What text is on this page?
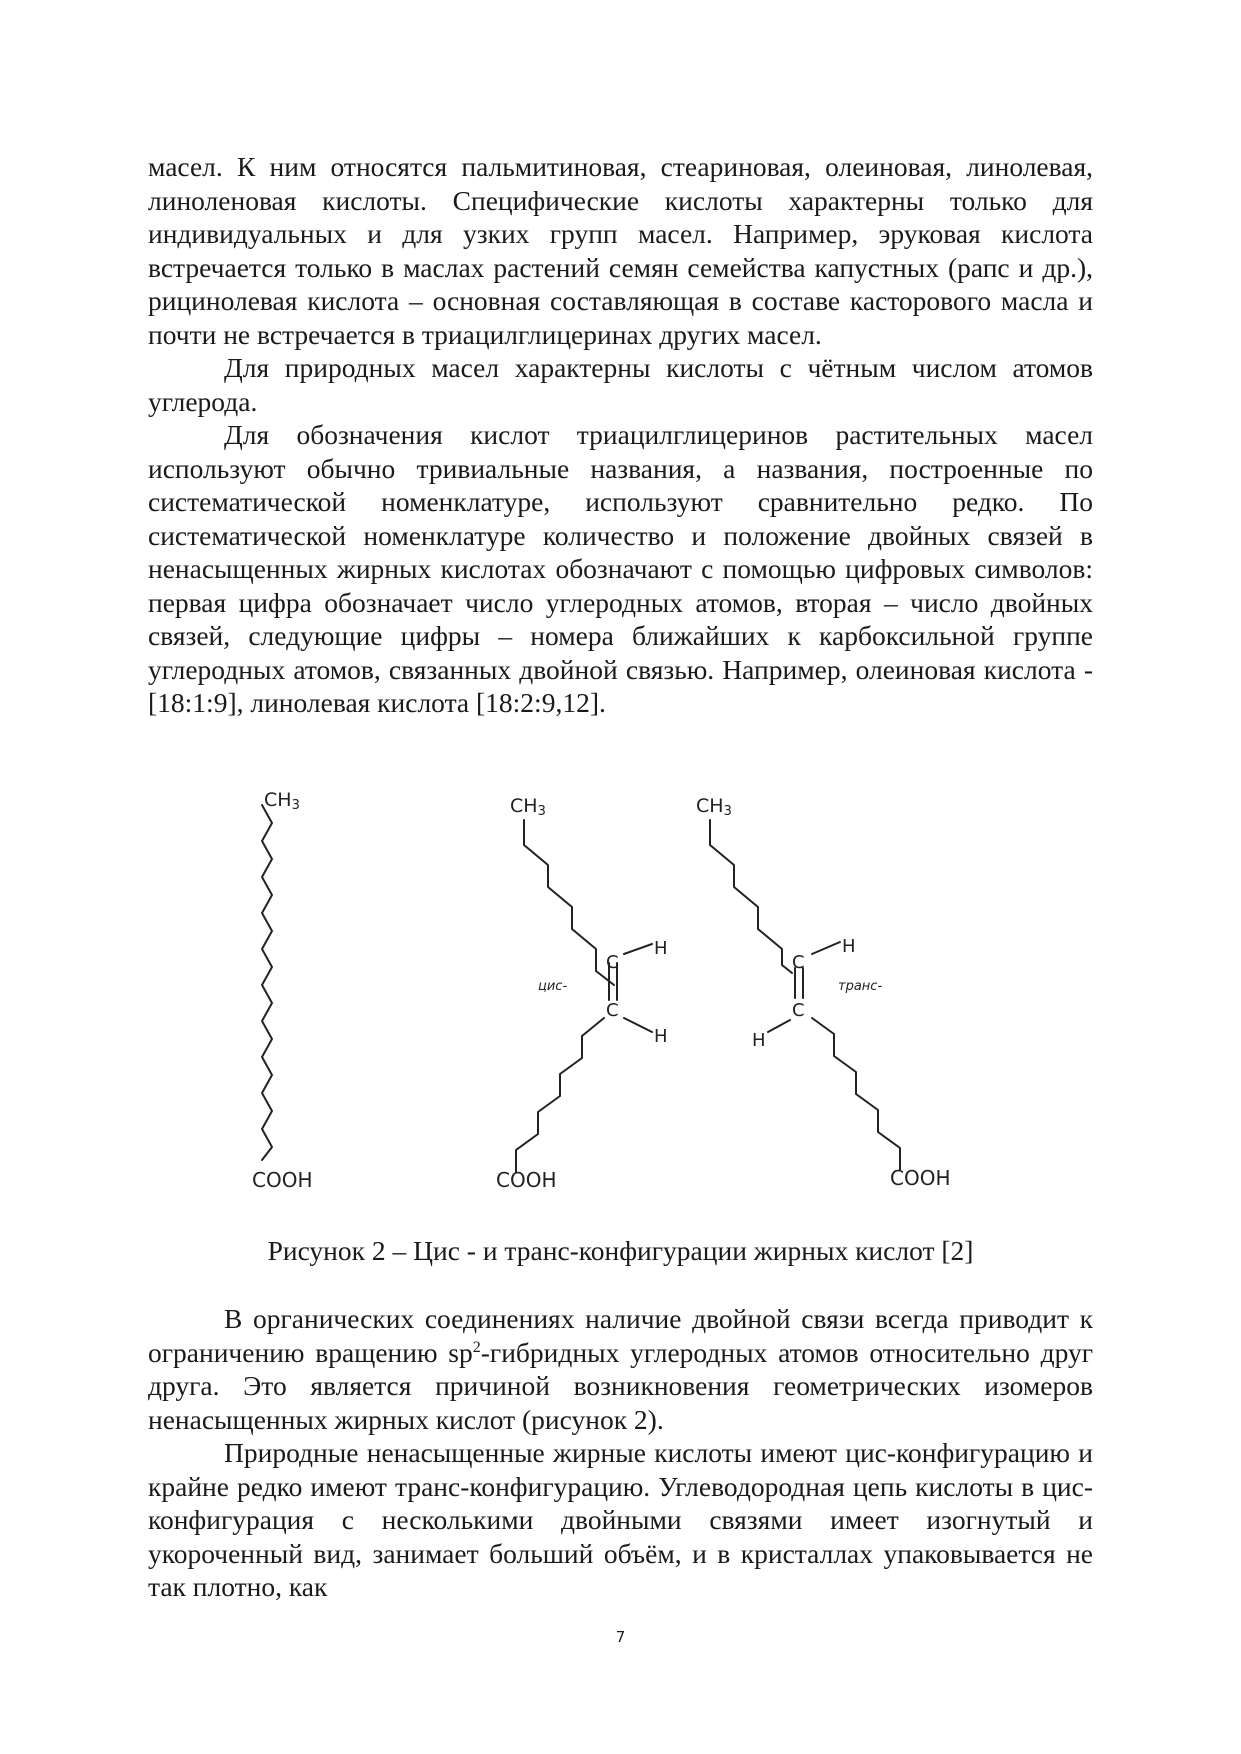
масел. К ним относятся пальмитиновая, стеариновая, олеиновая, линолевая, линоленовая кислоты. Специфические кислоты характерны только для индивидуальных и для узких групп масел. Например, эруковая кислота встречается только в маслах растений семян семейства капустных (рапс и др.), рицинолевая кислота – основная составляющая в составе касторового масла и почти не встречается в триацилглицеринах других масел.

Для природных масел характерны кислоты с чётным числом атомов углерода.

Для обозначения кислот триацилглицеринов растительных масел используют обычно тривиальные названия, а названия, построенные по систематической номенклатуре, используют сравнительно редко. По систематической номенклатуре количество и положение двойных связей в ненасыщенных жирных кислотах обозначают с помощью цифровых символов: первая цифра обозначает число углеродных атомов, вторая – число двойных связей, следующие цифры – номера ближайших к карбоксильной группе углеродных атомов, связанных двойной связью. Например, олеиновая кислота - [18:1:9], линолевая кислота [18:2:9,12].

CH3
COOH
CH3
C
C
H
H
цис-
COOH
CH3
C
C
H
H
транс-
COOH
Рисунок 2 – Цис - и транс-конфигурации жирных кислот [2]

В органических соединениях наличие двойной связи всегда приводит к ограничению вращению $sp^2$-гибридных углеродных атомов относительно друг друга. Это является причиной возникновения геометрических изомеров ненасыщенных жирных кислот (рисунок 2).

Природные ненасыщенные жирные кислоты имеют цис-конфигурацию и крайне редко имеют транс-конфигурацию. Углеводородная цепь кислоты в цис-конфигурация с несколькими двойными связями имеет изогнутый и укороченный вид, занимает больший объём, и в кристаллах упаковывается не так плотно, как

7
